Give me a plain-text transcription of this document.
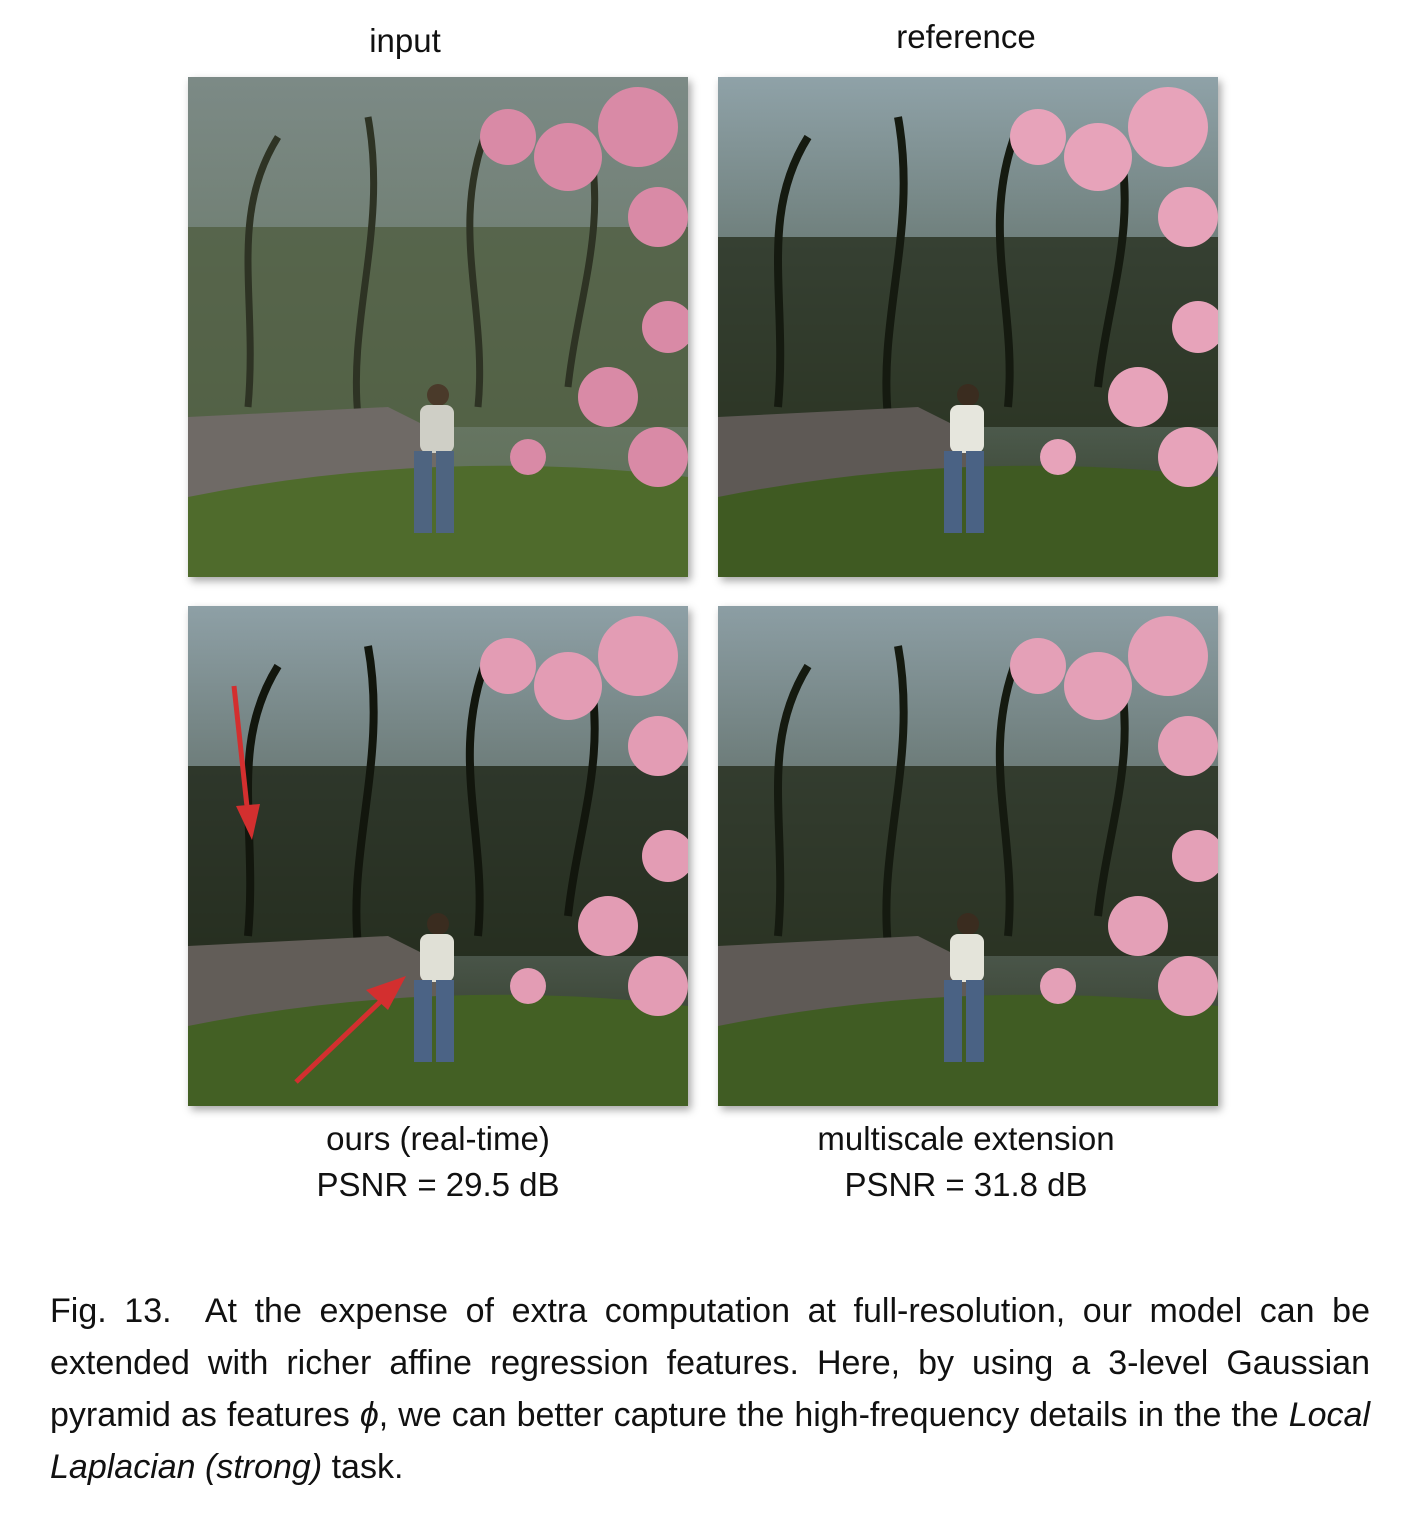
input	reference
ours (real-time)
PSNR = 29.5 dB
multiscale extension
PSNR = 31.8 dB
Fig. 13. At the expense of extra computation at full-resolution, our model can be extended with richer affine regression features. Here, by using a 3-level Gaussian pyramid as features ϕ, we can better capture the high-frequency details in the the Local Laplacian (strong) task.
